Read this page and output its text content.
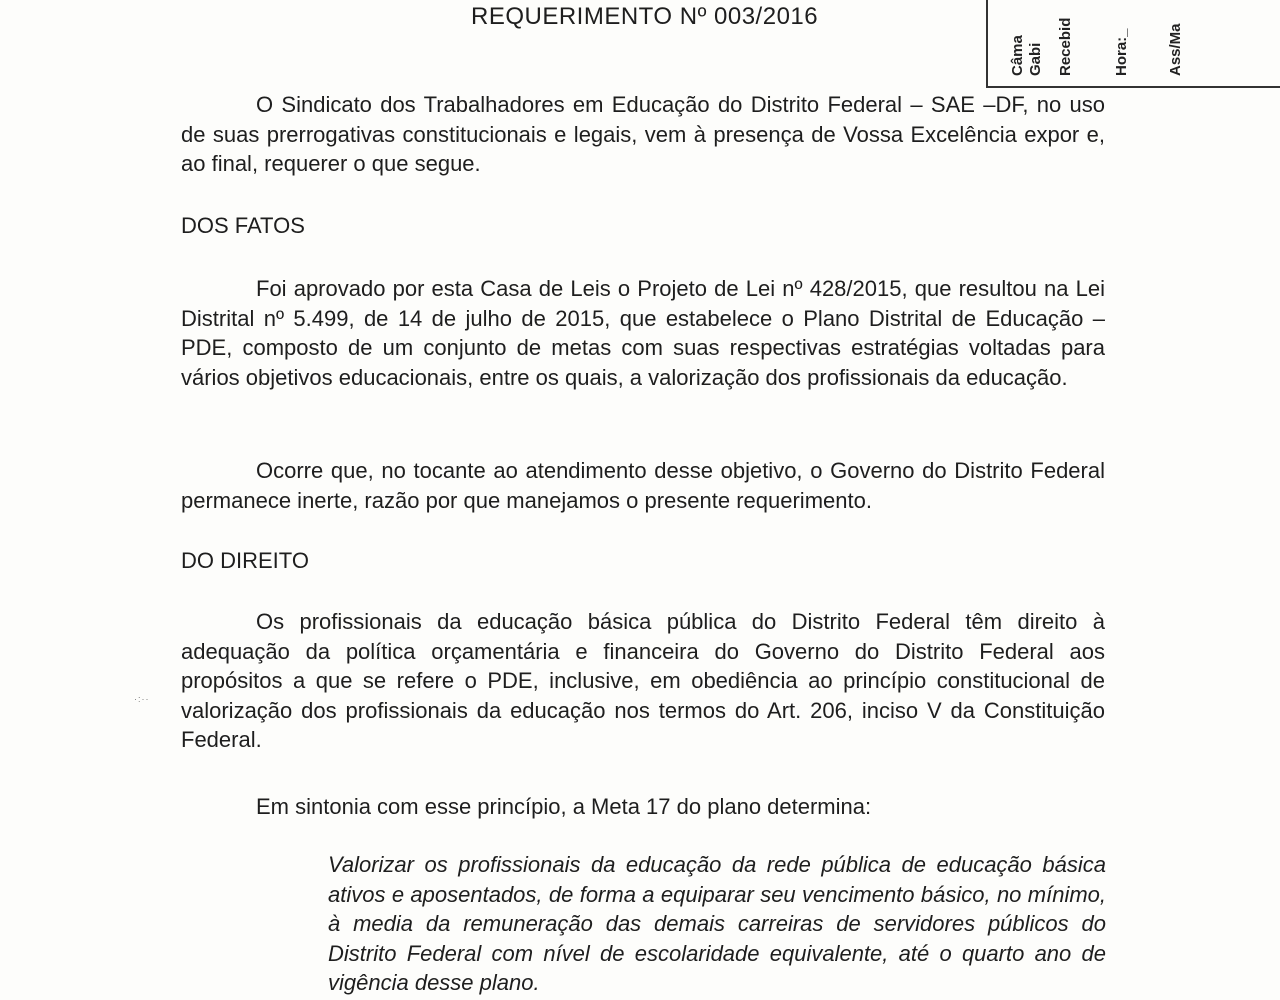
REQUERIMENTO Nº 003/2016
Câma Gabi Recebid	Hora:_ Ass/Ma

O Sindicato dos Trabalhadores em Educação do Distrito Federal – SAE –DF, no uso de suas prerrogativas constitucionais e legais, vem à presença de Vossa Excelência expor e, ao final, requerer o que segue.

DOS FATOS

Foi aprovado por esta Casa de Leis o Projeto de Lei nº 428/2015, que resultou na Lei Distrital nº 5.499, de 14 de julho de 2015, que estabelece o Plano Distrital de Educação – PDE, composto de um conjunto de metas com suas respectivas estratégias voltadas para vários objetivos educacionais, entre os quais, a valorização dos profissionais da educação.

Ocorre que, no tocante ao atendimento desse objetivo, o Governo do Distrito Federal permanece inerte, razão por que manejamos o presente requerimento.

DO DIREITO

Os profissionais da educação básica pública do Distrito Federal têm direito à adequação da política orçamentária e financeira do Governo do Distrito Federal aos propósitos a que se refere o PDE, inclusive, em obediência ao princípio constitucional de valorização dos profissionais da educação nos termos do Art. 206, inciso V da Constituição Federal.

Em sintonia com esse princípio, a Meta 17 do plano determina:

Valorizar os profissionais da educação da rede pública de educação básica ativos e aposentados, de forma a equiparar seu vencimento básico, no mínimo, à media da remuneração das demais carreiras de servidores públicos do Distrito Federal com nível de escolaridade equivalente, até o quarto ano de vigência desse plano.

·:··
